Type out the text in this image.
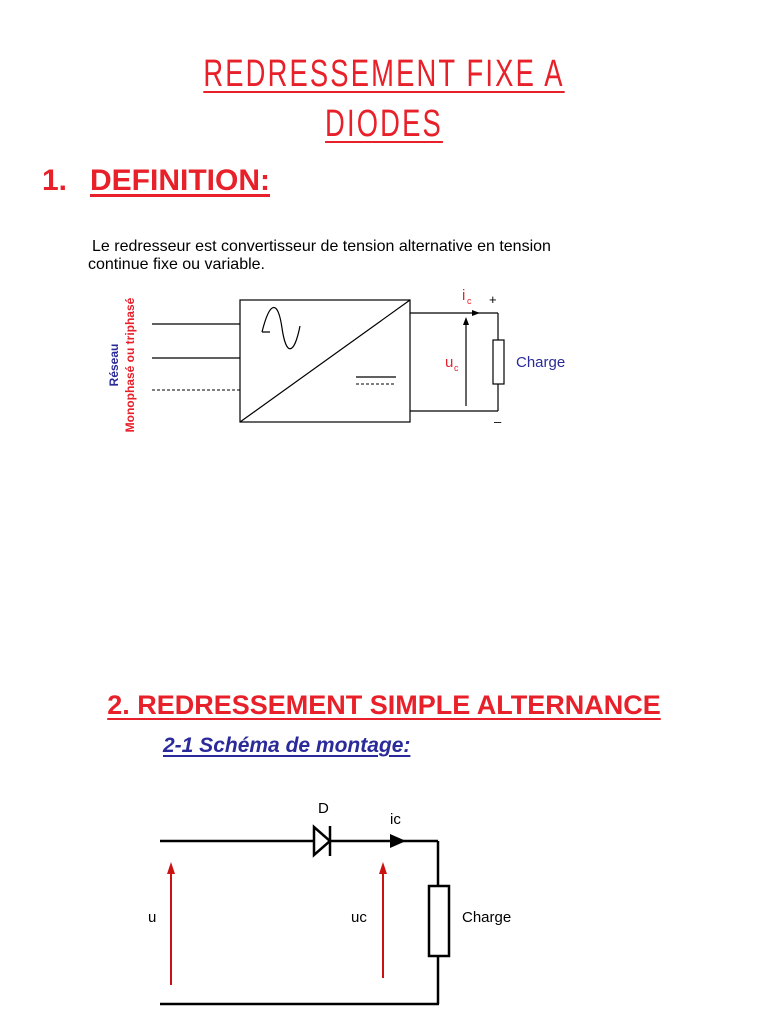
REDRESSEMENT FIXE A
DIODES
1. DEFINITION:
Le redresseur est convertisseur de tension alternative en tension
continue fixe ou variable.
Réseau Monophasé ou triphasé
i c
u c
+
–
Charge
2. REDRESSEMENT SIMPLE ALTERNANCE
2-1 Schéma de montage:
D
ic
u	uc	Charge
